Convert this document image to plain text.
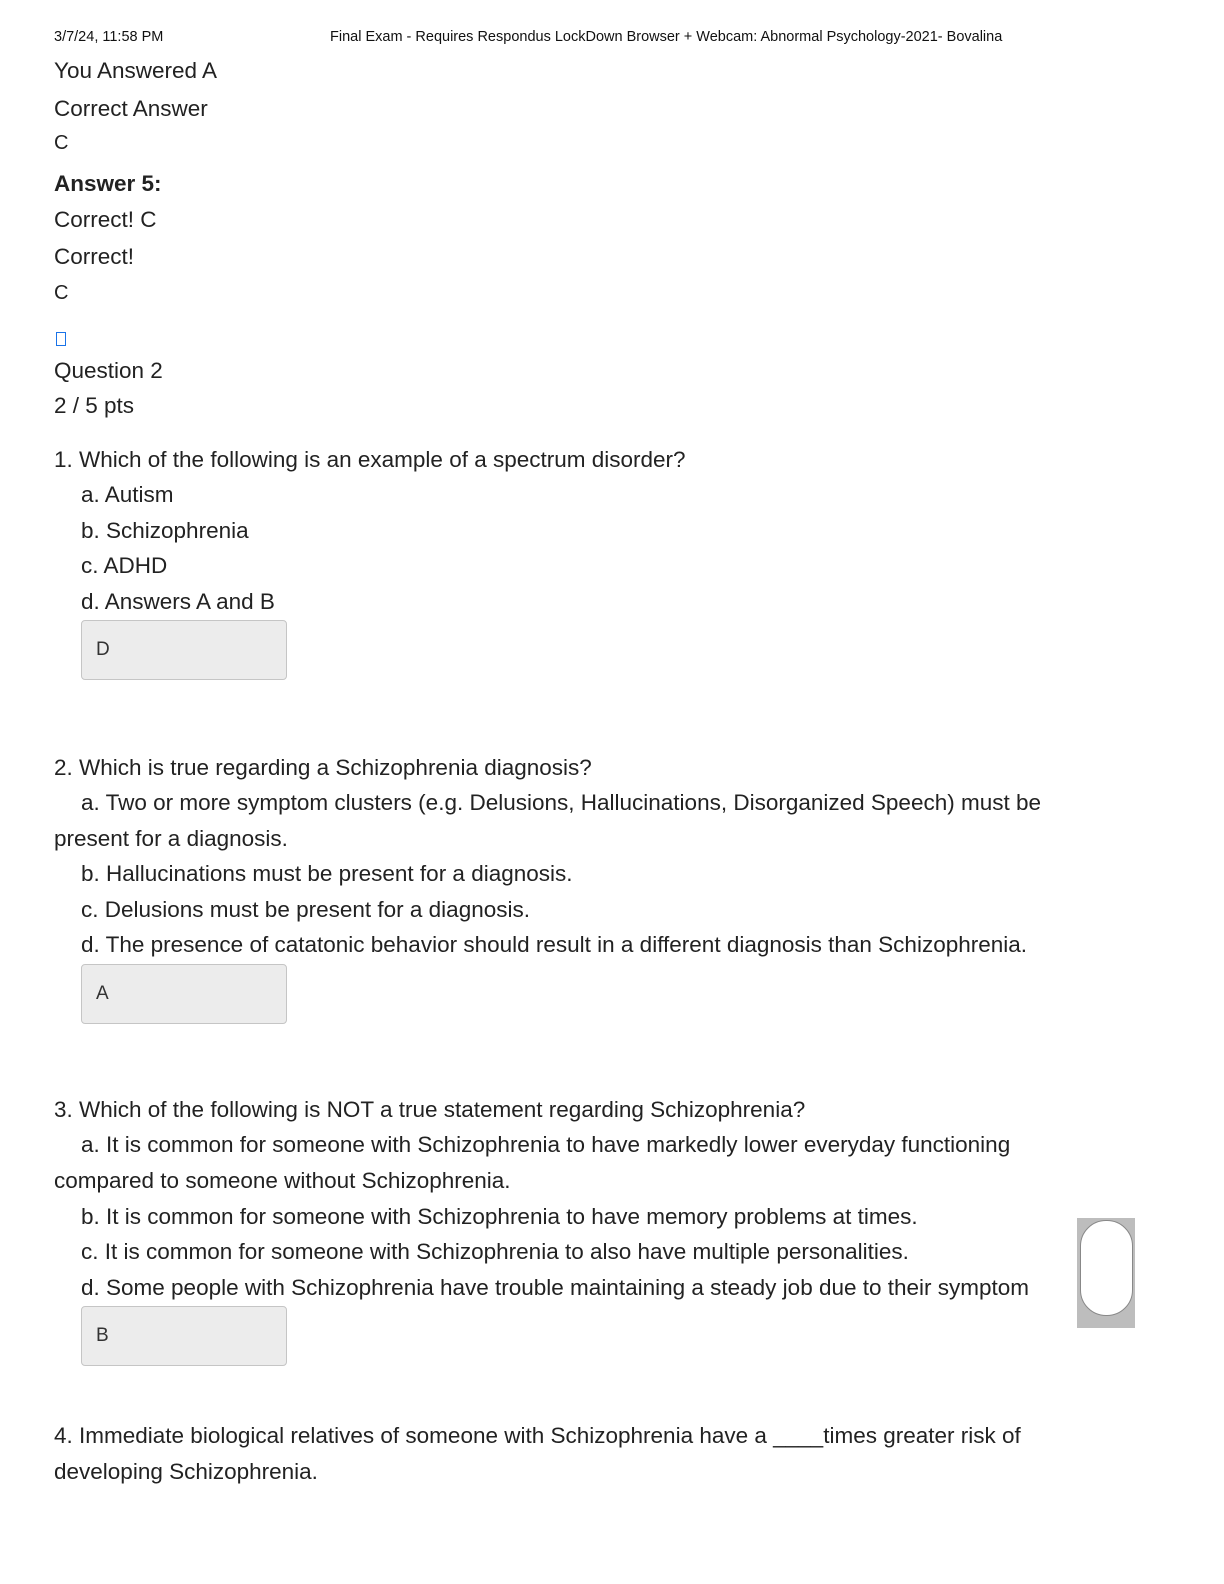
3/7/24, 11:58 PM	Final Exam - Requires Respondus LockDown Browser + Webcam: Abnormal Psychology-2021- Bovalina
You Answered A
Correct Answer
C
Answer 5:
Correct! C
Correct!
C
Question 2
2 / 5 pts
1. Which of the following is an example of a spectrum disorder?
a. Autism
b. Schizophrenia
c. ADHD
d. Answers A and B
D
2. Which is true regarding a Schizophrenia diagnosis?
a. Two or more symptom clusters (e.g. Delusions, Hallucinations, Disorganized Speech) must be
present for a diagnosis.
b. Hallucinations must be present for a diagnosis.
c. Delusions must be present for a diagnosis.
d. The presence of catatonic behavior should result in a different diagnosis than Schizophrenia.
A
3. Which of the following is NOT a true statement regarding Schizophrenia?
a. It is common for someone with Schizophrenia to have markedly lower everyday functioning
compared to someone without Schizophrenia.
b. It is common for someone with Schizophrenia to have memory problems at times.
c. It is common for someone with Schizophrenia to also have multiple personalities.
d. Some people with Schizophrenia have trouble maintaining a steady job due to their symptom
B
4. Immediate biological relatives of someone with Schizophrenia have a ____times greater risk of
developing Schizophrenia.
